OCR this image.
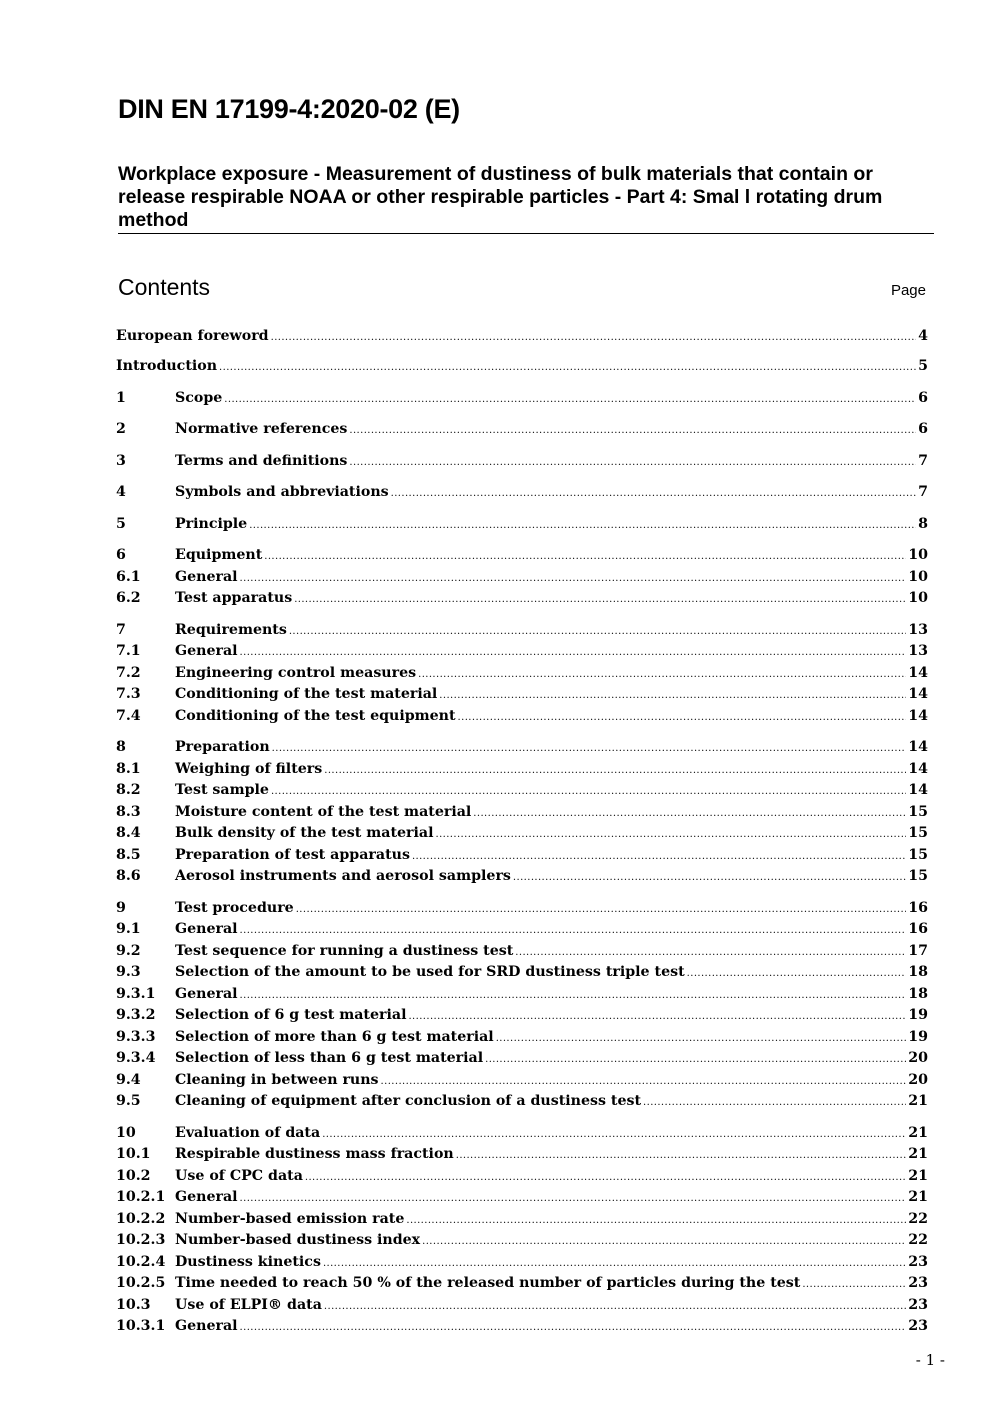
DIN EN 17199-4:2020-02 (E)
Workplace exposure - Measurement of dustiness of bulk materials that contain or release respirable NOAA or other respirable particles - Part 4: Smal l rotating drum method
Contents	Page
European foreword .....	4
Introduction .....	5
1	Scope .....	6
2	Normative references .....	6
3	Terms and definitions .....	7
4	Symbols and abbreviations .....	7
5	Principle .....	8
6	Equipment .....	10
6.1	General .....	10
6.2	Test apparatus .....	10
7	Requirements .....	13
7.1	General .....	13
7.2	Engineering control measures .....	14
7.3	Conditioning of the test material .....	14
7.4	Conditioning of the test equipment .....	14
8	Preparation .....	14
8.1	Weighing of filters .....	14
8.2	Test sample .....	14
8.3	Moisture content of the test material .....	15
8.4	Bulk density of the test material .....	15
8.5	Preparation of test apparatus .....	15
8.6	Aerosol instruments and aerosol samplers .....	15
9	Test procedure .....	16
9.1	General .....	16
9.2	Test sequence for running a dustiness test .....	17
9.3	Selection of the amount to be used for SRD dustiness triple test .....	18
9.3.1	General .....	18
9.3.2	Selection of 6 g test material .....	19
9.3.3	Selection of more than 6 g test material .....	19
9.3.4	Selection of less than 6 g test material .....	20
9.4	Cleaning in between runs .....	20
9.5	Cleaning of equipment after conclusion of a dustiness test .....	21
10	Evaluation of data .....	21
10.1	Respirable dustiness mass fraction .....	21
10.2	Use of CPC data .....	21
10.2.1 General .....	21
10.2.2 Number-based emission rate .....	22
10.2.3 Number-based dustiness index .....	22
10.2.4 Dustiness kinetics .....	23
10.2.5 Time needed to reach 50 % of the released number of particles during the test .....	23
10.3	Use of ELPI® data .....	23
10.3.1 General .....	23
- 1 -
